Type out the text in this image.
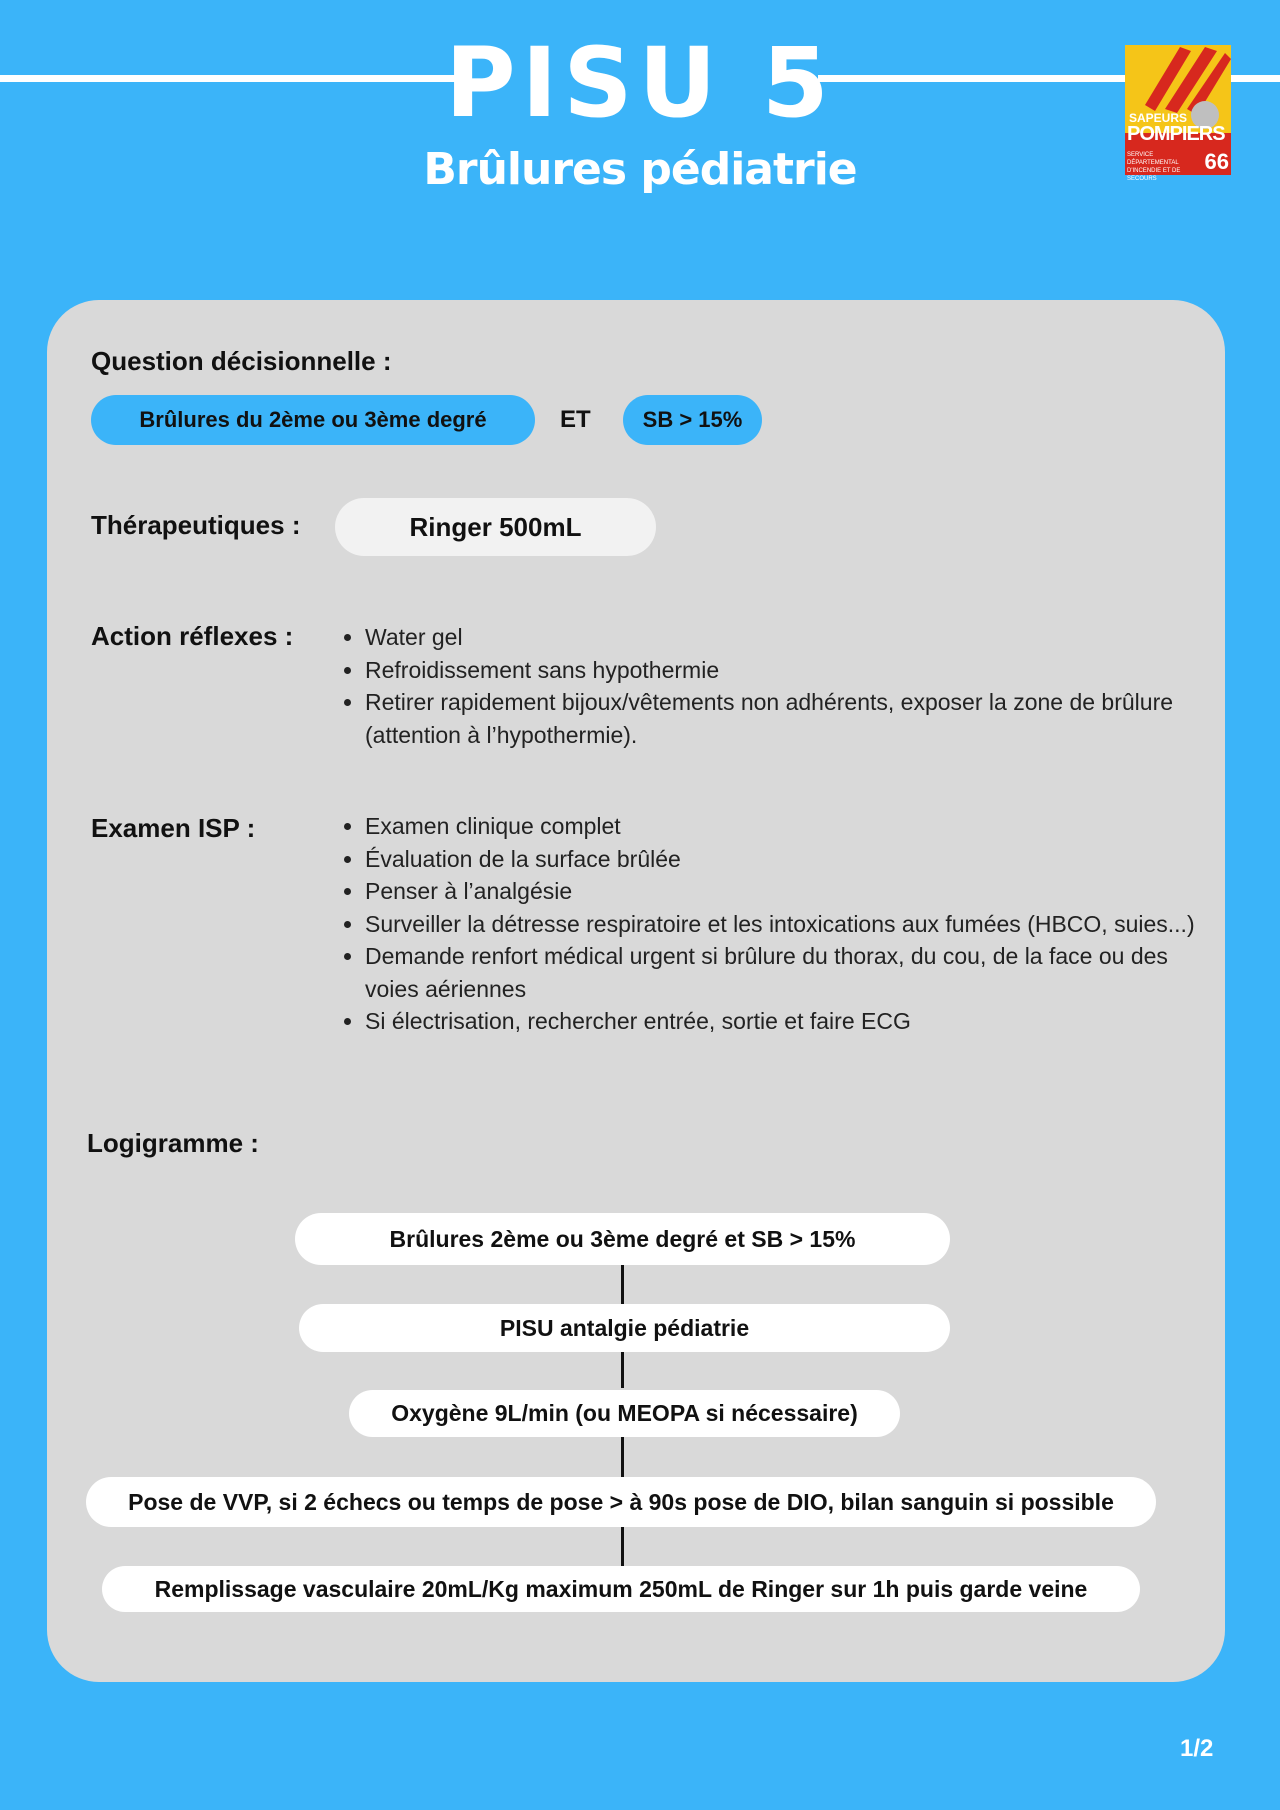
PISU 5
Brûlures pédiatrie
SAPEURS
POMPIERS
SERVICE DÉPARTEMENTAL D'INCENDIE ET DE SECOURS
66
Question décisionnelle :
Brûlures du 2ème ou 3ème degré	ET	SB > 15%
Thérapeutiques :	Ringer 500mL
Action réflexes :	• Water gel
• Refroidissement sans hypothermie
• Retirer rapidement bijoux/vêtements non adhérents, exposer la zone de brûlure (attention à l’hypothermie).
Examen ISP :	• Examen clinique complet
• Évaluation de la surface brûlée
• Penser à l’analgésie
• Surveiller la détresse respiratoire et les intoxications aux fumées (HBCO, suies...)
• Demande renfort médical urgent si brûlure du thorax, du cou, de la face ou des voies aériennes
• Si électrisation, rechercher entrée, sortie et faire ECG
Logigramme :
Brûlures 2ème ou 3ème degré et SB > 15%
PISU antalgie pédiatrie
Oxygène 9L/min (ou MEOPA si nécessaire)
Pose de VVP, si 2 échecs ou temps de pose > à 90s pose de DIO, bilan sanguin si possible
Remplissage vasculaire 20mL/Kg maximum 250mL de Ringer sur 1h puis garde veine
1/2
